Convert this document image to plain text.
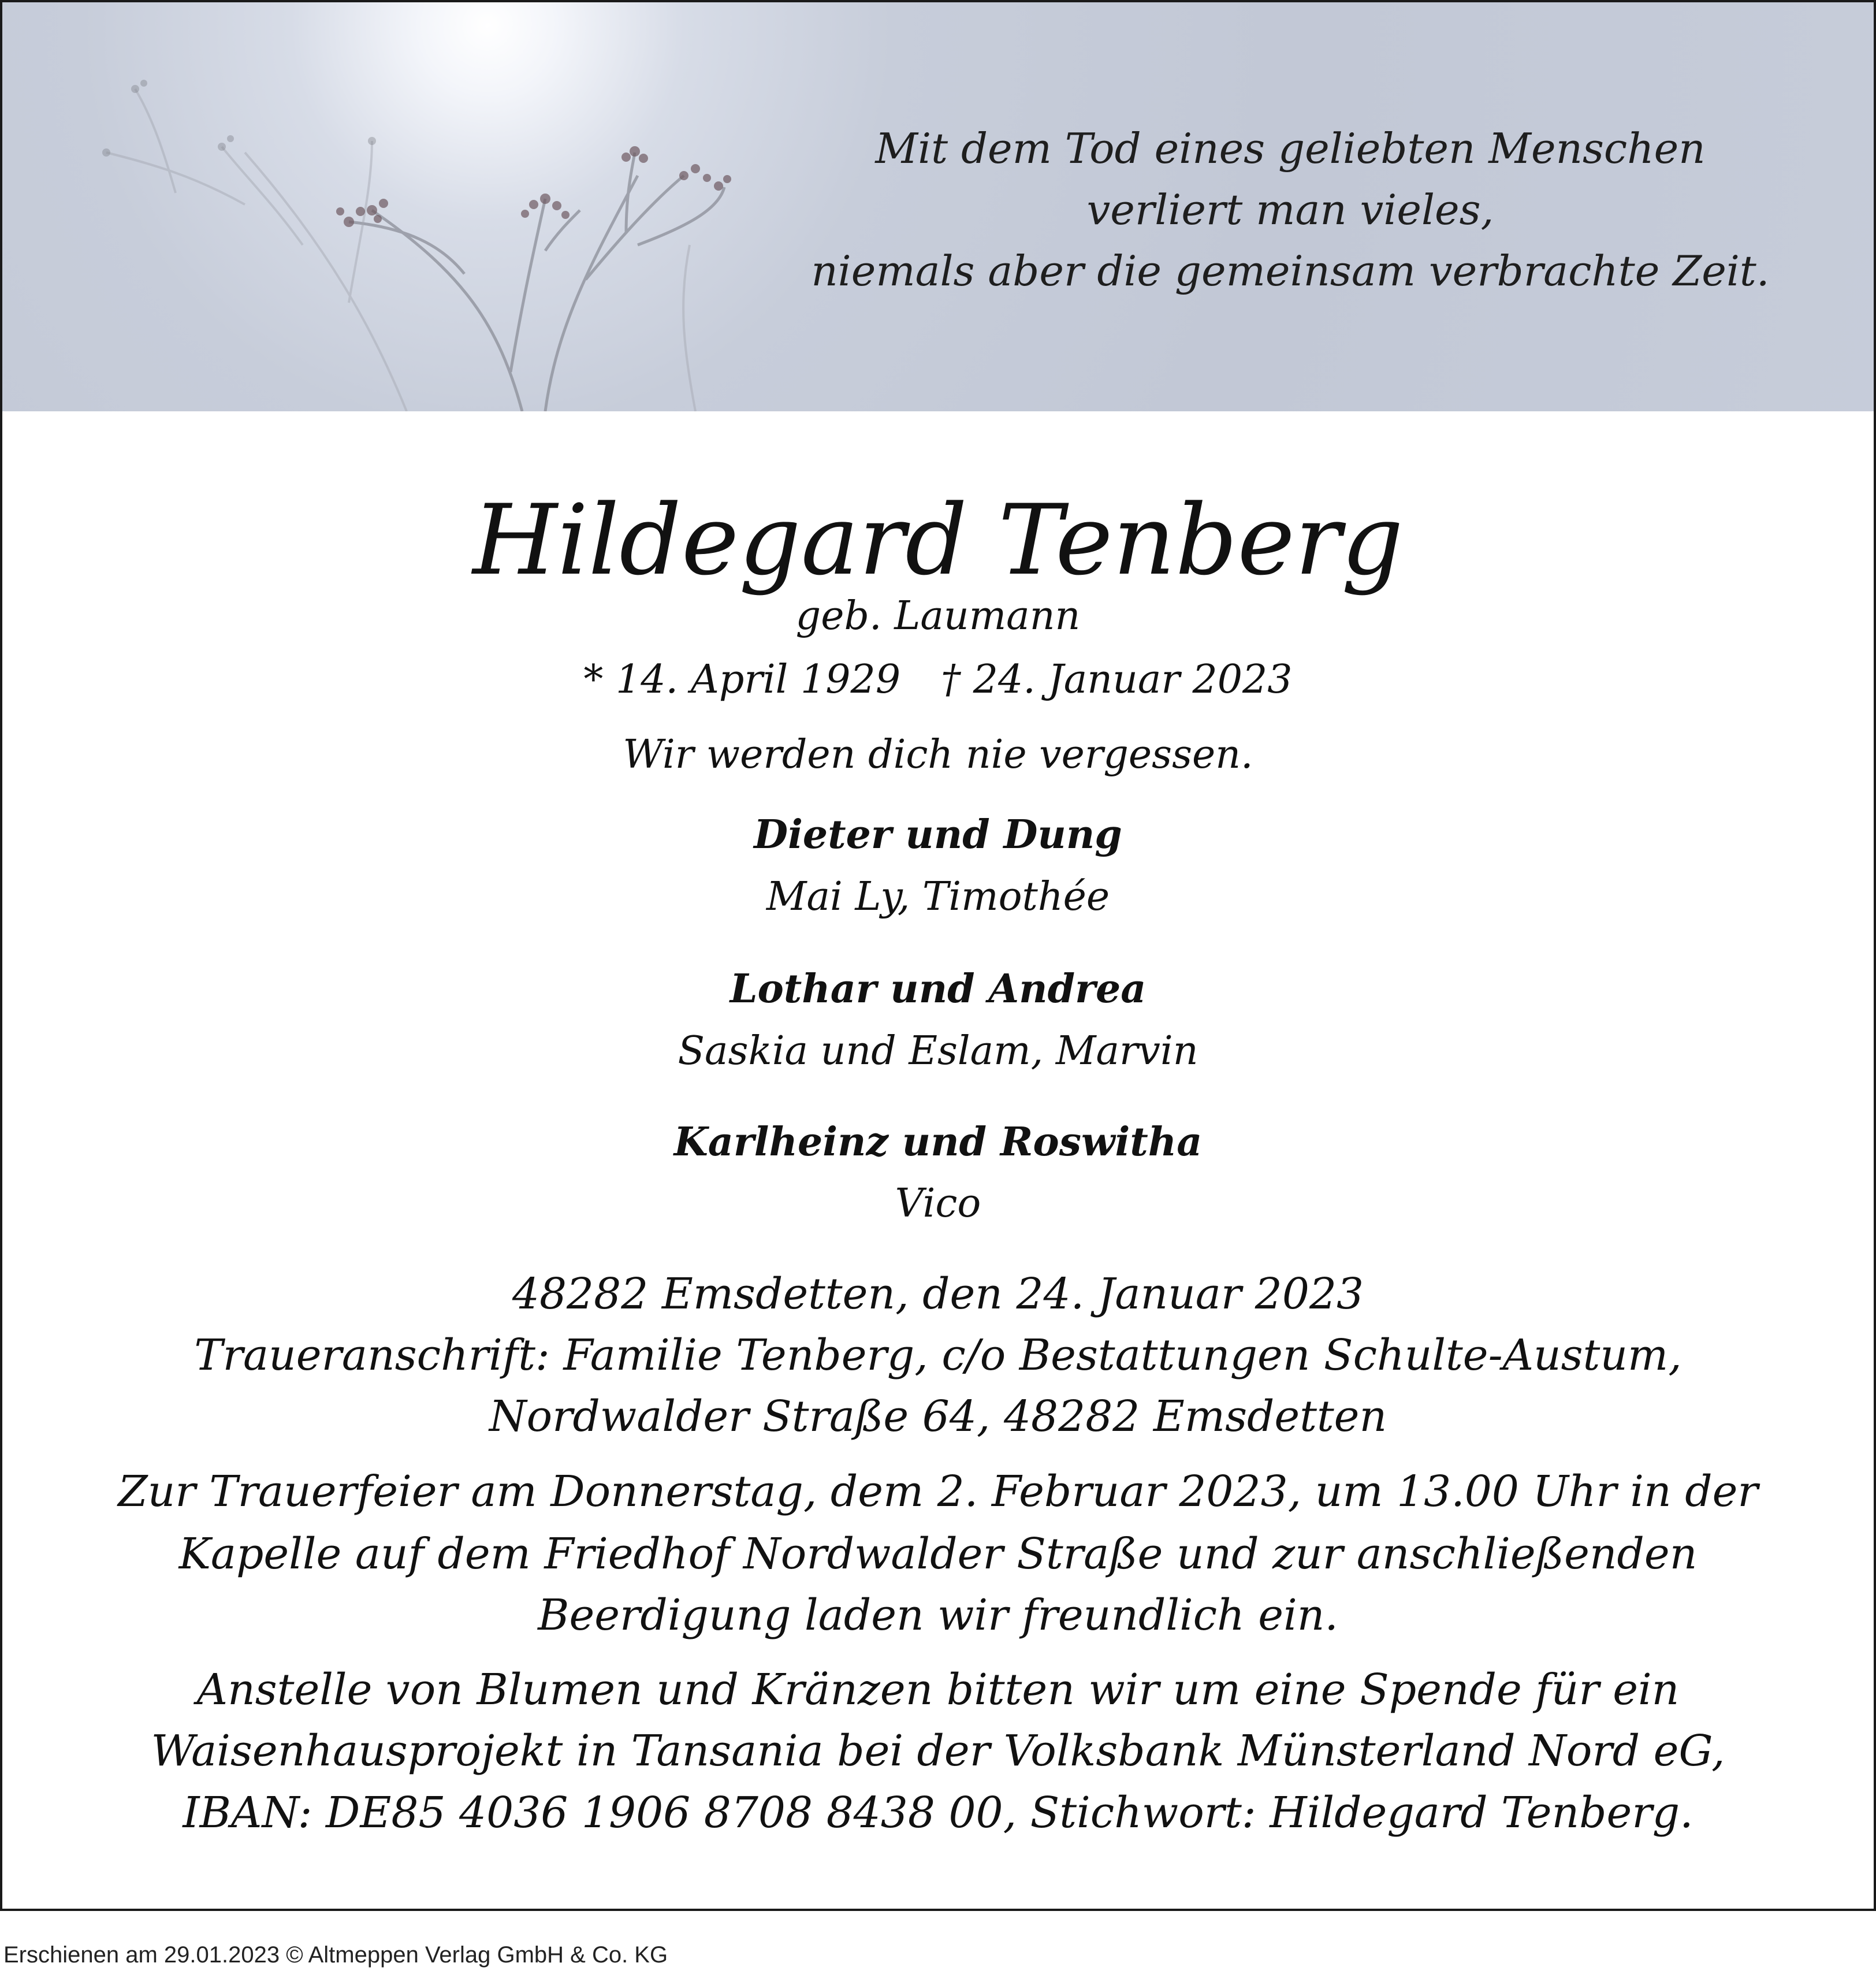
Mit dem Tod eines geliebten Menschen
verliert man vieles,
niemals aber die gemeinsam verbrachte Zeit.
Hildegard Tenberg
geb. Laumann
* 14. April 1929 † 24. Januar 2023
Wir werden dich nie vergessen.
Dieter und Dung
Mai Ly, Timothée
Lothar und Andrea
Saskia und Eslam, Marvin
Karlheinz und Roswitha
Vico
48282 Emsdetten, den 24. Januar 2023
Traueranschrift: Familie Tenberg, c/o Bestattungen Schulte-Austum,
Nordwalder Straße 64, 48282 Emsdetten
Zur Trauerfeier am Donnerstag, dem 2. Februar 2023, um 13.00 Uhr in der
Kapelle auf dem Friedhof Nordwalder Straße und zur anschließenden
Beerdigung laden wir freundlich ein.
Anstelle von Blumen und Kränzen bitten wir um eine Spende für ein
Waisenhausprojekt in Tansania bei der Volksbank Münsterland Nord eG,
IBAN: DE85 4036 1906 8708 8438 00, Stichwort: Hildegard Tenberg.
Erschienen am 29.01.2023 © Altmeppen Verlag GmbH & Co. KG
